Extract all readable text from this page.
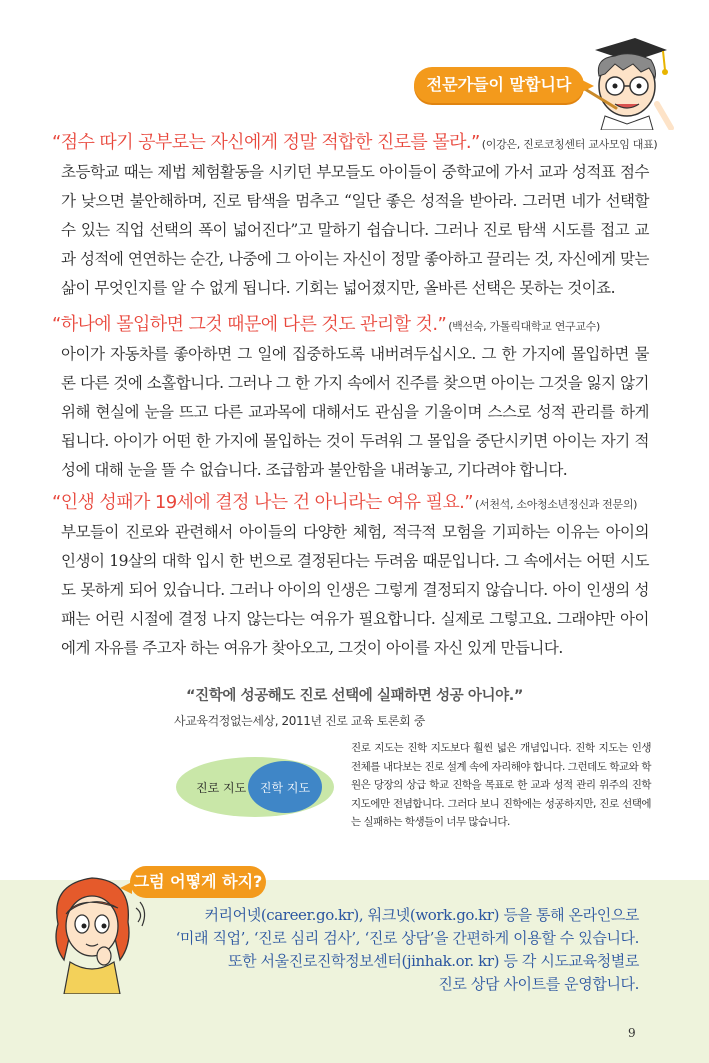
전문가들이 말합니다
“점수 따기 공부로는 자신에게 정말 적합한 진로를 몰라.” (이강은, 진로코칭센터 교사모임 대표)
초등학교 때는 제법 체험활동을 시키던 부모들도 아이들이 중학교에 가서 교과 성적표 점수가 낮으면 불안해하며, 진로 탐색을 멈추고 “일단 좋은 성적을 받아라. 그러면 네가 선택할 수 있는 직업 선택의 폭이 넓어진다”고 말하기 쉽습니다. 그러나 진로 탐색 시도를 접고 교과 성적에 연연하는 순간, 나중에 그 아이는 자신이 정말 좋아하고 끌리는 것, 자신에게 맞는 삶이 무엇인지를 알 수 없게 됩니다. 기회는 넓어졌지만, 올바른 선택은 못하는 것이죠.
“하나에 몰입하면 그것 때문에 다른 것도 관리할 것.” (백선숙, 가톨릭대학교 연구교수)
아이가 자동차를 좋아하면 그 일에 집중하도록 내버려두십시오. 그 한 가지에 몰입하면 물론 다른 것에 소홀합니다. 그러나 그 한 가지 속에서 진주를 찾으면 아이는 그것을 잃지 않기 위해 현실에 눈을 뜨고 다른 교과목에 대해서도 관심을 기울이며 스스로 성적 관리를 하게 됩니다. 아이가 어떤 한 가지에 몰입하는 것이 두려워 그 몰입을 중단시키면 아이는 자기 적성에 대해 눈을 뜰 수 없습니다. 조급함과 불안함을 내려놓고, 기다려야 합니다.
“인생 성패가 19세에 결정 나는 건 아니라는 여유 필요.” (서천석, 소아청소년정신과 전문의)
부모들이 진로와 관련해서 아이들의 다양한 체험, 적극적 모험을 기피하는 이유는 아이의 인생이 19살의 대학 입시 한 번으로 결정된다는 두려움 때문입니다. 그 속에서는 어떤 시도도 못하게 되어 있습니다. 그러나 아이의 인생은 그렇게 결정되지 않습니다. 아이 인생의 성패는 어린 시절에 결정 나지 않는다는 여유가 필요합니다. 실제로 그렇고요. 그래야만 아이에게 자유를 주고자 하는 여유가 찾아오고, 그것이 아이를 자신 있게 만듭니다.
“진학에 성공해도 진로 선택에 실패하면 성공 아니야.”
사교육걱정없는세상, 2011년 진로 교육 토론회 중
진로 지도	진학 지도
진로 지도는 진학 지도보다 훨씬 넓은 개념입니다. 진학 지도는 인생 전체를 내다보는 진로 설계 속에 자리해야 합니다. 그런데도 학교와 학원은 당장의 상급 학교 진학을 목표로 한 교과 성적 관리 위주의 진학 지도에만 전념합니다. 그러다 보니 진학에는 성공하지만, 진로 선택에는 실패하는 학생들이 너무 많습니다.
그럼 어떻게 하지?
커리어넷(career.go.kr), 워크넷(work.go.kr) 등을 통해 온라인으로
‘미래 직업’, ‘진로 심리 검사’, ‘진로 상담’을 간편하게 이용할 수 있습니다.
또한 서울진로진학정보센터(jinhak.or. kr) 등 각 시도교육청별로
진로 상담 사이트를 운영합니다.
9
